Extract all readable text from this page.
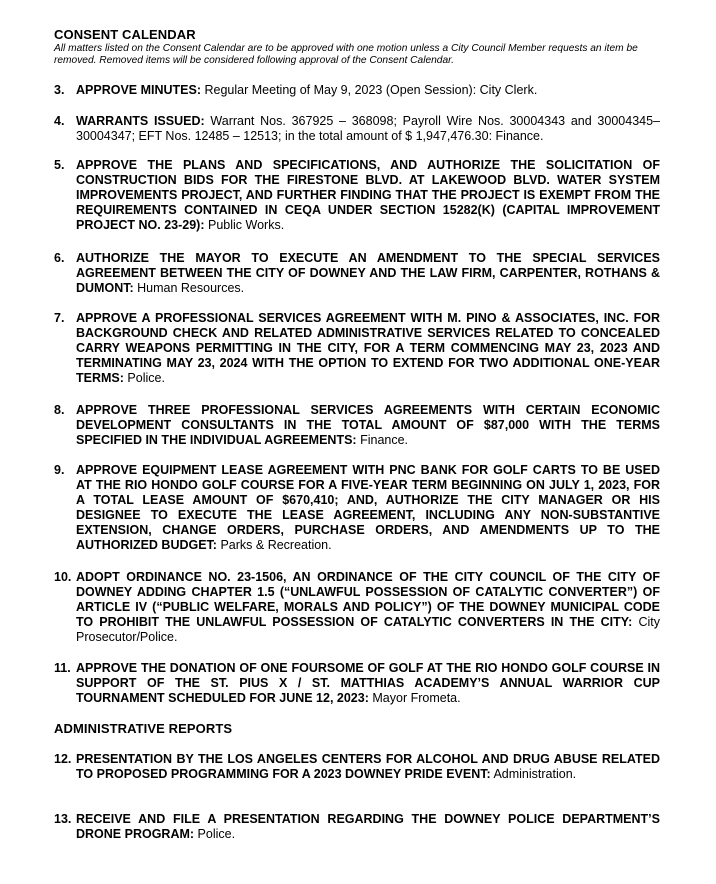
CONSENT CALENDAR
All matters listed on the Consent Calendar are to be approved with one motion unless a City Council Member requests an item be removed. Removed items will be considered following approval of the Consent Calendar.
3. APPROVE MINUTES: Regular Meeting of May 9, 2023 (Open Session): City Clerk.
4. WARRANTS ISSUED: Warrant Nos. 367925 – 368098; Payroll Wire Nos. 30004343 and 30004345– 30004347; EFT Nos. 12485 – 12513; in the total amount of $ 1,947,476.30: Finance.
5. APPROVE THE PLANS AND SPECIFICATIONS, AND AUTHORIZE THE SOLICITATION OF CONSTRUCTION BIDS FOR THE FIRESTONE BLVD. AT LAKEWOOD BLVD. WATER SYSTEM IMPROVEMENTS PROJECT, AND FURTHER FINDING THAT THE PROJECT IS EXEMPT FROM THE REQUIREMENTS CONTAINED IN CEQA UNDER SECTION 15282(K) (CAPITAL IMPROVEMENT PROJECT NO. 23-29): Public Works.
6. AUTHORIZE THE MAYOR TO EXECUTE AN AMENDMENT TO THE SPECIAL SERVICES AGREEMENT BETWEEN THE CITY OF DOWNEY AND THE LAW FIRM, CARPENTER, ROTHANS & DUMONT: Human Resources.
7. APPROVE A PROFESSIONAL SERVICES AGREEMENT WITH M. PINO & ASSOCIATES, INC. FOR BACKGROUND CHECK AND RELATED ADMINISTRATIVE SERVICES RELATED TO CONCEALED CARRY WEAPONS PERMITTING IN THE CITY, FOR A TERM COMMENCING MAY 23, 2023 AND TERMINATING MAY 23, 2024 WITH THE OPTION TO EXTEND FOR TWO ADDITIONAL ONE-YEAR TERMS: Police.
8. APPROVE THREE PROFESSIONAL SERVICES AGREEMENTS WITH CERTAIN ECONOMIC DEVELOPMENT CONSULTANTS IN THE TOTAL AMOUNT OF $87,000 WITH THE TERMS SPECIFIED IN THE INDIVIDUAL AGREEMENTS: Finance.
9. APPROVE EQUIPMENT LEASE AGREEMENT WITH PNC BANK FOR GOLF CARTS TO BE USED AT THE RIO HONDO GOLF COURSE FOR A FIVE-YEAR TERM BEGINNING ON JULY 1, 2023, FOR A TOTAL LEASE AMOUNT OF $670,410; AND, AUTHORIZE THE CITY MANAGER OR HIS DESIGNEE TO EXECUTE THE LEASE AGREEMENT, INCLUDING ANY NON-SUBSTANTIVE EXTENSION, CHANGE ORDERS, PURCHASE ORDERS, AND AMENDMENTS UP TO THE AUTHORIZED BUDGET: Parks & Recreation.
10. ADOPT ORDINANCE NO. 23-1506, AN ORDINANCE OF THE CITY COUNCIL OF THE CITY OF DOWNEY ADDING CHAPTER 1.5 (“UNLAWFUL POSSESSION OF CATALYTIC CONVERTER”) OF ARTICLE IV (“PUBLIC WELFARE, MORALS AND POLICY”) OF THE DOWNEY MUNICIPAL CODE TO PROHIBIT THE UNLAWFUL POSSESSION OF CATALYTIC CONVERTERS IN THE CITY: City Prosecutor/Police.
11. APPROVE THE DONATION OF ONE FOURSOME OF GOLF AT THE RIO HONDO GOLF COURSE IN SUPPORT OF THE ST. PIUS X / ST. MATTHIAS ACADEMY’S ANNUAL WARRIOR CUP TOURNAMENT SCHEDULED FOR JUNE 12, 2023: Mayor Frometa.
ADMINISTRATIVE REPORTS
12. PRESENTATION BY THE LOS ANGELES CENTERS FOR ALCOHOL AND DRUG ABUSE RELATED TO PROPOSED PROGRAMMING FOR A 2023 DOWNEY PRIDE EVENT: Administration.
13. RECEIVE AND FILE A PRESENTATION REGARDING THE DOWNEY POLICE DEPARTMENT’S DRONE PROGRAM: Police.
